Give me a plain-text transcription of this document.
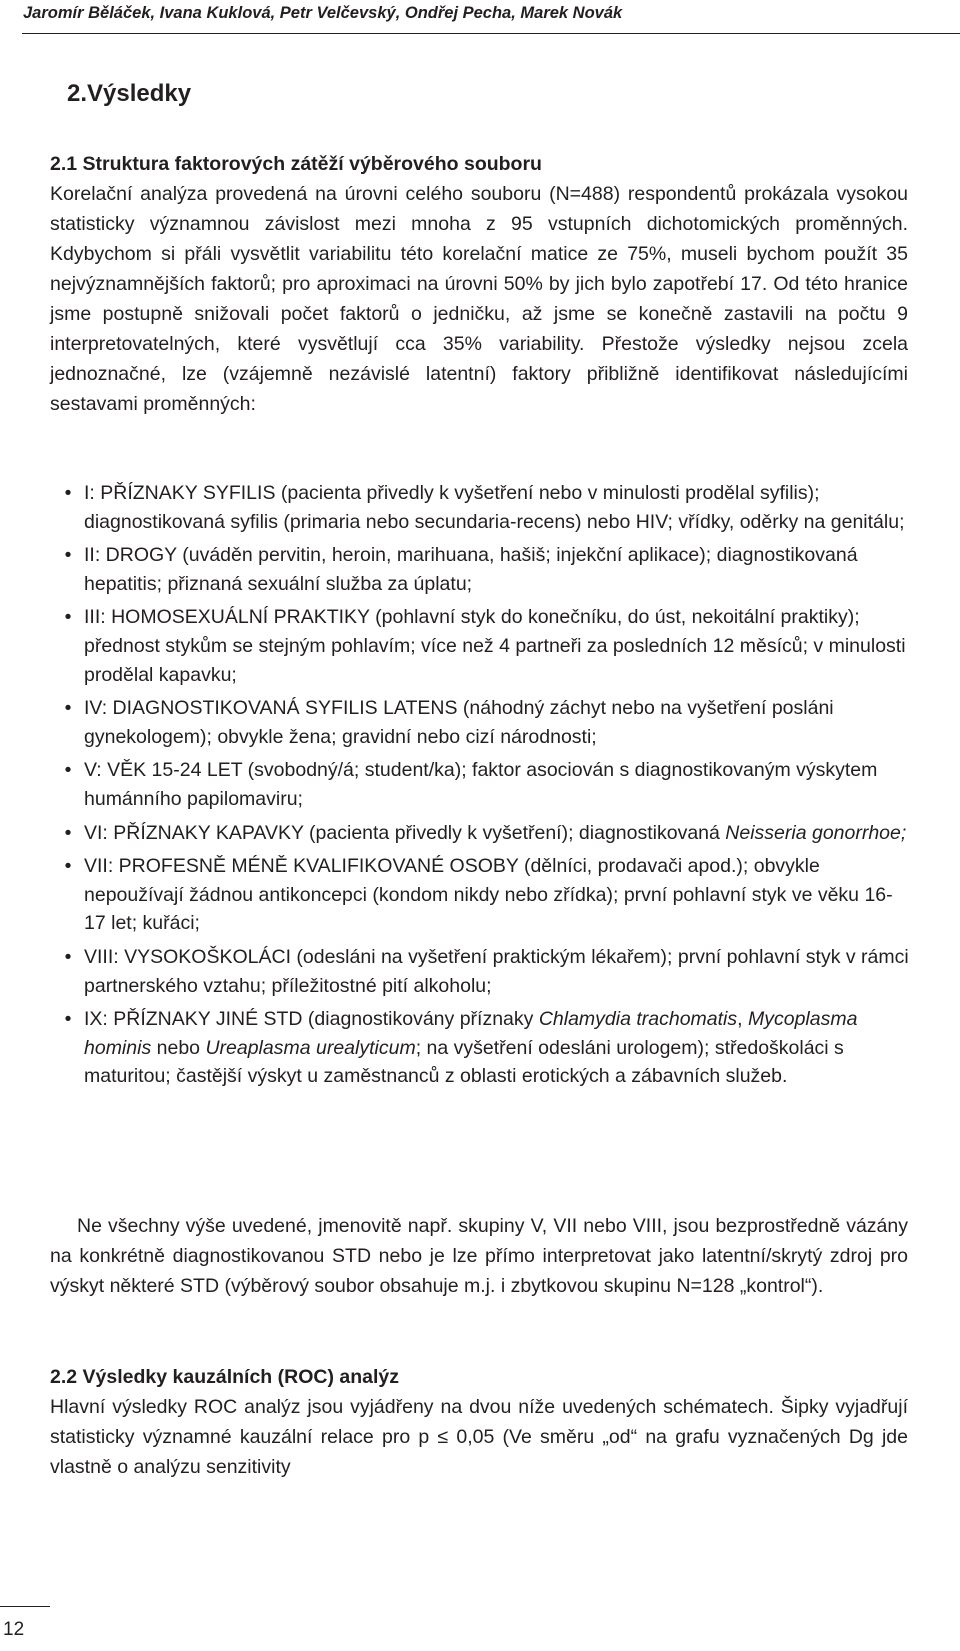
Jaromír Běláček, Ivana Kuklová, Petr Velčevský, Ondřej Pecha, Marek Novák
2.Výsledky
2.1 Struktura faktorových zátěží výběrového souboru
Korelační analýza provedená na úrovni celého souboru (N=488) respondentů prokázala vysokou statisticky významnou závislost mezi mnoha z 95 vstupních dichotomických proměnných. Kdybychom si přáli vysvětlit variabilitu této korelační matice ze 75%, museli bychom použít 35 nejvýznamnějších faktorů; pro aproximaci na úrovni 50% by jich bylo zapotřebí 17. Od této hranice jsme postupně snižovali počet faktorů o jedničku, až jsme se konečně zastavili na počtu 9 interpretovatelných, které vysvětlují cca 35% variability. Přestože výsledky nejsou zcela jednoznačné, lze (vzájemně nezávislé latentní) faktory přibližně identifikovat následujícími sestavami proměnných:
• I: PŘÍZNAKY SYFILIS (pacienta přivedly k vyšetření nebo v minulosti prodělal syfilis); diagnostikovaná syfilis (primaria nebo secundaria-recens) nebo HIV; vřídky, oděrky na genitálu;
• II: DROGY (uváděn pervitin, heroin, marihuana, hašiš; injekční aplikace); diagnostikovaná hepatitis; přiznaná sexuální služba za úplatu;
• III: HOMOSEXUÁLNÍ PRAKTIKY (pohlavní styk do konečníku, do úst, nekoitální praktiky); přednost stykům se stejným pohlavím; více než 4 partneři za posledních 12 měsíců; v minulosti prodělal kapavku;
• IV: DIAGNOSTIKOVANÁ SYFILIS LATENS (náhodný záchyt nebo na vyšetření posláni gynekologem); obvykle žena; gravidní nebo cizí národnosti;
• V: VĚK 15-24 LET (svobodný/á; student/ka); faktor asociován s diagnostikovaným výskytem humánního papilomaviru;
• VI: PŘÍZNAKY KAPAVKY (pacienta přivedly k vyšetření); diagnostikovaná Neisseria gonorrhoe;
• VII: PROFESNĚ MÉNĚ KVALIFIKOVANÉ OSOBY (dělníci, prodavači apod.); obvykle nepoužívají žádnou antikoncepci (kondom nikdy nebo zřídka); první pohlavní styk ve věku 16-17 let; kuřáci;
• VIII: VYSOKOŠKOLÁCI (odesláni na vyšetření praktickým lékařem); první pohlavní styk v rámci partnerského vztahu; příležitostné pití alkoholu;
• IX: PŘÍZNAKY JINÉ STD (diagnostikovány příznaky Chlamydia trachomatis, Mycoplasma hominis nebo Ureaplasma urealyticum; na vyšetření odesláni urologem); středoškoláci s maturitou; častější výskyt u zaměstnanců z oblasti erotických a zábavních služeb.
Ne všechny výše uvedené, jmenovitě např. skupiny V, VII nebo VIII, jsou bezprostředně vázány na konkrétně diagnostikovanou STD nebo je lze přímo interpretovat jako latentní/skrytý zdroj pro výskyt některé STD (výběrový soubor obsahuje m.j. i zbytkovou skupinu N=128 „kontrol“).
2.2 Výsledky kauzálních (ROC) analýz
Hlavní výsledky ROC analýz jsou vyjádřeny na dvou níže uvedených schématech. Šipky vyjadřují statisticky významné kauzální relace pro p ≤ 0,05 (Ve směru „od“ na grafu vyznačených Dg jde vlastně o analýzu senzitivity
12
